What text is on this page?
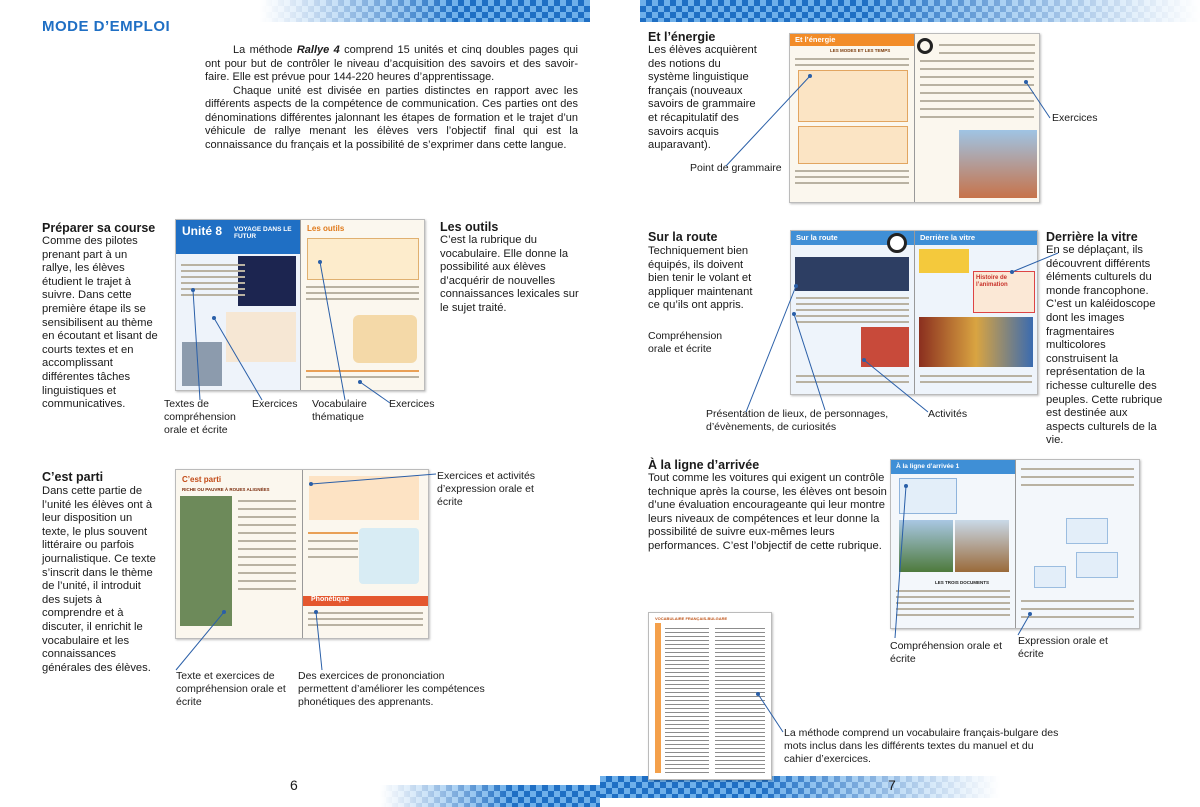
MODE D’EMPLOI

La méthode Rallye 4 comprend 15 unités et cinq doubles pages qui ont pour but de contrôler le niveau d’acquisition des savoirs et des savoir-faire. Elle est prévue pour 144-220 heures d’apprentissage.

Chaque unité est divisée en parties distinctes en rapport avec les différents aspects de la compétence de communication. Ces parties ont des dénominations différentes jalonnant les étapes de formation et le trajet d’un véhicule de rallye menant les élèves vers l’objectif final qui est la connaissance du français et la possibilité de s’exprimer dans cette langue.

Préparer sa course
Comme des pilotes prenant part à un rallye, les élèves étudient le trajet à suivre. Dans cette première étape ils se sensibilisent au thème en écoutant et lisant de courts textes et en accomplissant différentes tâches linguistiques et communicatives.
Unité 8 VOYAGE DANS LE FUTUR
Les outils
Textes de compréhension orale et écrite
Exercices Vocabulaire thématique
Exercices
Les outils
C’est la rubrique du vocabulaire. Elle donne la possibilité aux élèves d’acquérir de nouvelles connaissances lexicales sur le sujet traité.
C’est parti
Dans cette partie de l’unité les élèves ont à leur disposition un texte, le plus souvent littéraire ou parfois journalistique. Ce texte s’inscrit dans le thème de l’unité, il introduit des sujets à comprendre et à discuter, il enrichit le vocabulaire et les connaissances générales des élèves.
C’est parti
RICHE OU PAUVRE À ROUES ALIGNÉES
Phonétique
Exercices et activités d’expression orale et écrite
Texte et exercices de compréhension orale et écrite
Des exercices de prononciation permettent d’améliorer les compétences phonétiques des apprenants.
Et l’énergie
Les élèves acquièrent des notions du système linguistique français (nouveaux savoirs de grammaire et récapitulatif des savoirs acquis auparavant).
Et l’énergie
LES MODES ET LES TEMPS
Point de grammaire
Exercices
Sur la route
Techniquement bien équipés, ils doivent bien tenir le volant et appliquer maintenant ce qu’ils ont appris.
Compréhension orale et écrite
Sur la route	Derrière la vitre
Histoire de l’animation
Présentation de lieux, de personnages, d’évènements, de curiosités
Activités
Derrière la vitre
En se déplaçant, ils découvrent différents éléments culturels du monde francophone. C’est un kaléidoscope dont les images fragmentaires multicolores construisent la représentation de la richesse culturelle des peuples. Cette rubrique est destinée aux aspects culturels de la vie.
À la ligne d’arrivée
Tout comme les voitures qui exigent un contrôle technique après la course, les élèves ont besoin d’une évaluation encourageante qui leur montre leurs niveaux de compétences et leur donne la possibilité de suivre eux-mêmes leurs performances. C’est l’objectif de cette rubrique.
À la ligne d’arrivée 1
LES TROIS DOCUMENTS
Compréhension orale et écrite
Expression orale et écrite
VOCABULAIRE FRANÇAIS-BULGARE
La méthode comprend un vocabulaire français-bulgare des mots inclus dans les différents textes du manuel et du cahier d’exercices.
6	7
